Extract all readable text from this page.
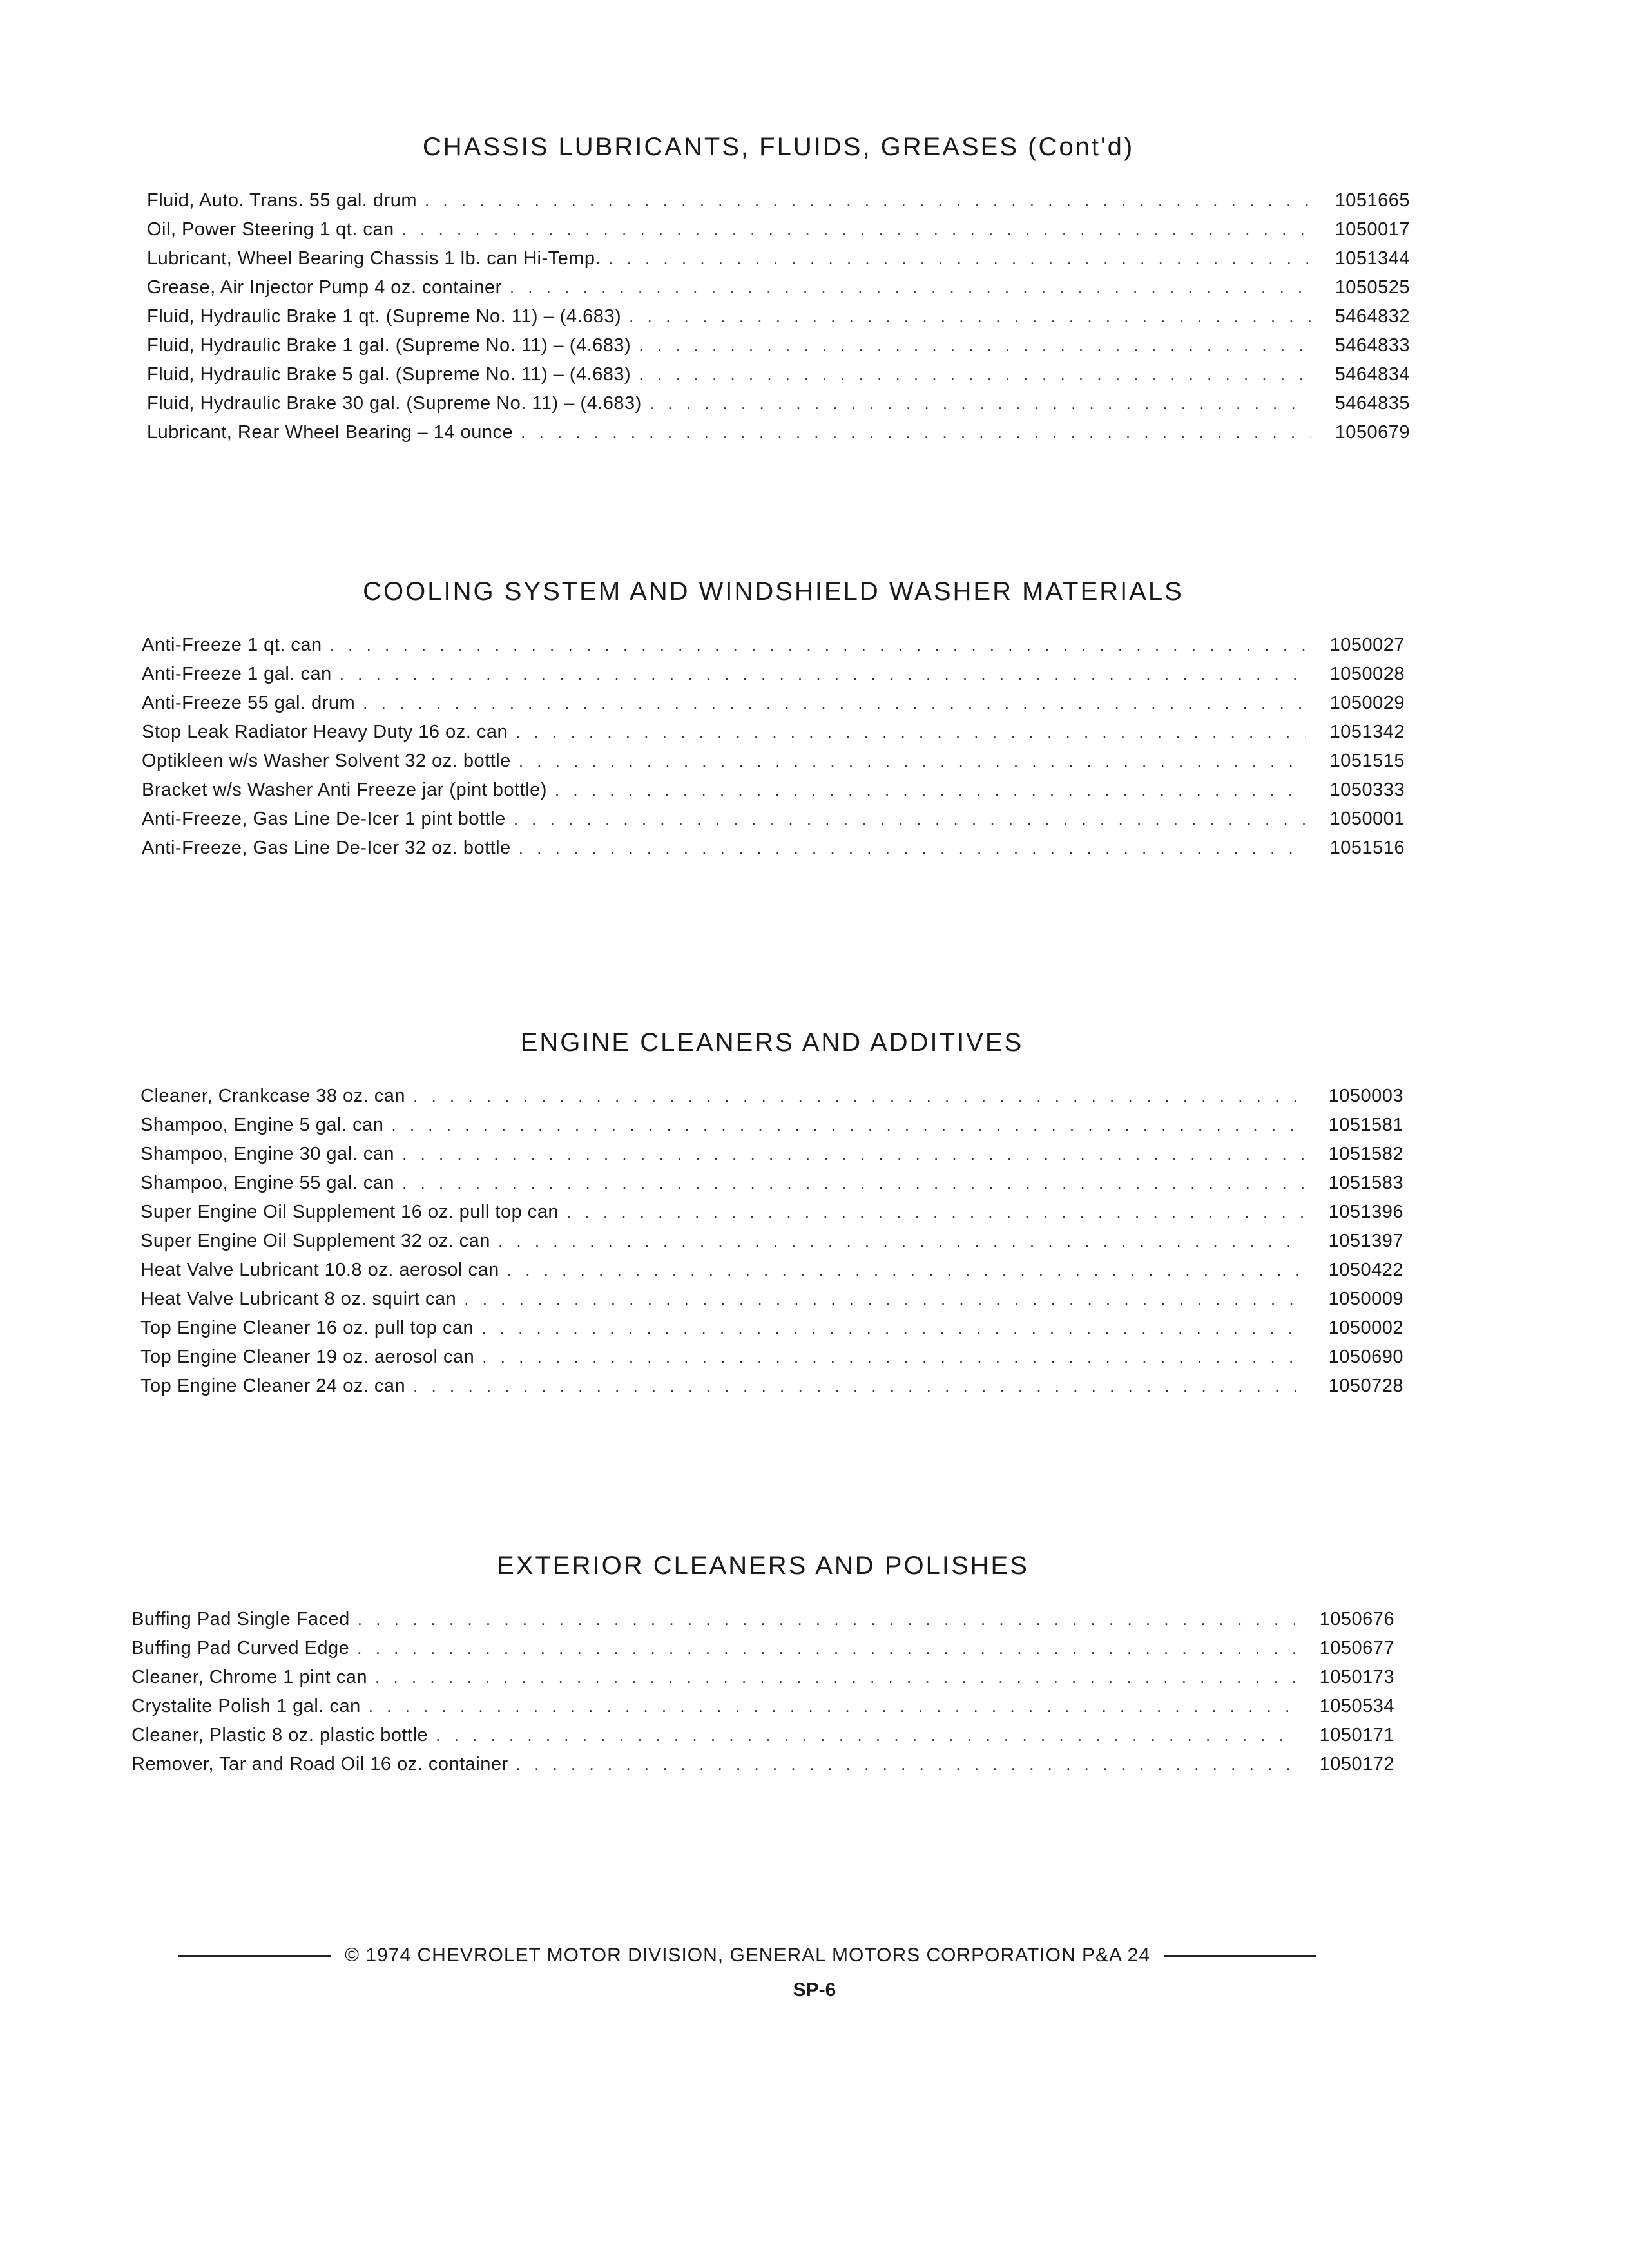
CHASSIS LUBRICANTS, FLUIDS, GREASES (Cont'd)
Fluid, Auto. Trans. 55 gal. drum . . .	1051665
Oil, Power Steering 1 qt. can . . .	1050017
Lubricant, Wheel Bearing Chassis 1 lb. can Hi-Temp. . . .	1051344
Grease, Air Injector Pump 4 oz. container . . .	1050525
Fluid, Hydraulic Brake 1 qt. (Supreme No. 11) – (4.683) . . .	5464832
Fluid, Hydraulic Brake 1 gal. (Supreme No. 11) – (4.683) . . .	5464833
Fluid, Hydraulic Brake 5 gal. (Supreme No. 11) – (4.683) . . .	5464834
Fluid, Hydraulic Brake 30 gal. (Supreme No. 11) – (4.683) . . .	5464835
Lubricant, Rear Wheel Bearing – 14 ounce . . .	1050679
COOLING SYSTEM AND WINDSHIELD WASHER MATERIALS
Anti-Freeze 1 qt. can . . .	1050027
Anti-Freeze 1 gal. can . . .	1050028
Anti-Freeze 55 gal. drum . . .	1050029
Stop Leak Radiator Heavy Duty 16 oz. can . . .	1051342
Optikleen w/s Washer Solvent 32 oz. bottle . . .	1051515
Bracket w/s Washer Anti Freeze jar (pint bottle) . . .	1050333
Anti-Freeze, Gas Line De-Icer 1 pint bottle . . .	1050001
Anti-Freeze, Gas Line De-Icer 32 oz. bottle . . .	1051516
ENGINE CLEANERS AND ADDITIVES
Cleaner, Crankcase 38 oz. can . . .	1050003
Shampoo, Engine 5 gal. can . . .	1051581
Shampoo, Engine 30 gal. can . . .	1051582
Shampoo, Engine 55 gal. can . . .	1051583
Super Engine Oil Supplement 16 oz. pull top can . . .	1051396
Super Engine Oil Supplement 32 oz. can . . .	1051397
Heat Valve Lubricant 10.8 oz. aerosol can . . .	1050422
Heat Valve Lubricant 8 oz. squirt can . . .	1050009
Top Engine Cleaner 16 oz. pull top can . . .	1050002
Top Engine Cleaner 19 oz. aerosol can . . .	1050690
Top Engine Cleaner 24 oz. can . . .	1050728
EXTERIOR CLEANERS AND POLISHES
Buffing Pad Single Faced . . .	1050676
Buffing Pad Curved Edge . . .	1050677
Cleaner, Chrome 1 pint can . . .	1050173
Crystalite Polish 1 gal. can . . .	1050534
Cleaner, Plastic 8 oz. plastic bottle . . .	1050171
Remover, Tar and Road Oil 16 oz. container . . .	1050172
© 1974 CHEVROLET MOTOR DIVISION, GENERAL MOTORS CORPORATION P&A 24
SP-6
